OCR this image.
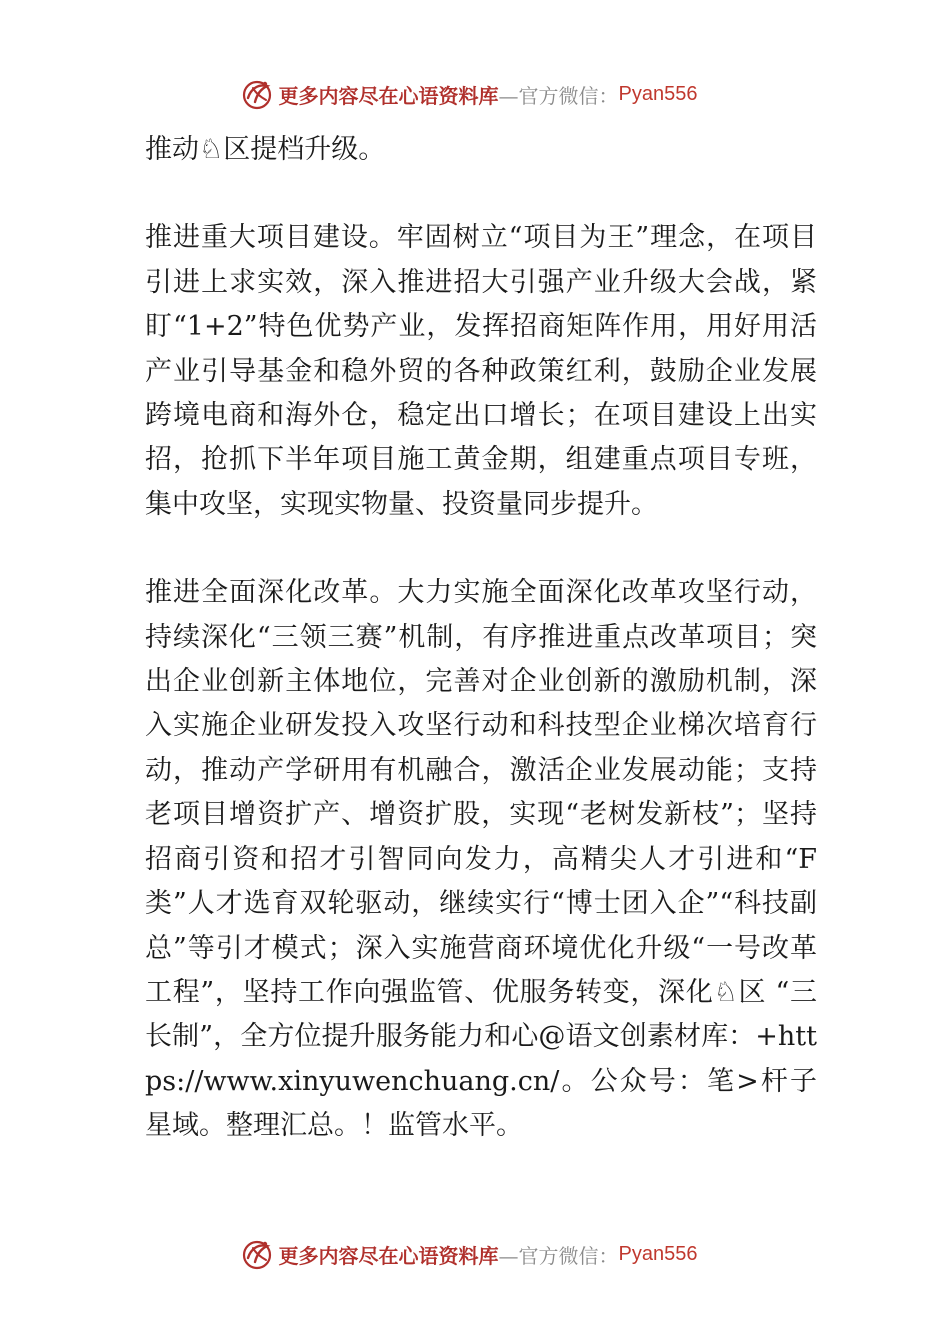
更多内容尽在心语资料库 —官方微信： Pyan556

推动♘区提档升级。

推进重大项目建设。牢固树立“项目为王”理念，在项目引进上求实效，深入推进招大引强产业升级大会战，紧盯“1+2”特色优势产业，发挥招商矩阵作用，用好用活产业引导基金和稳外贸的各种政策红利，鼓励企业发展跨境电商和海外仓，稳定出口增长；在项目建设上出实招，抢抓下半年项目施工黄金期，组建重点项目专班，集中攻坚，实现实物量、投资量同步提升。

推进全面深化改革。大力实施全面深化改革攻坚行动，持续深化“三领三赛”机制，有序推进重点改革项目；突出企业创新主体地位，完善对企业创新的激励机制，深入实施企业研发投入攻坚行动和科技型企业梯次培育行动，推动产学研用有机融合，激活企业发展动能；支持老项目增资扩产、增资扩股，实现“老树发新枝”；坚持招商引资和招才引智同向发力，高精尖人才引进和“F 类”人才选育双轮驱动，继续实行“博士团入企”“科技副总”等引才模式；深入实施营商环境优化升级“一号改革工程”，坚持工作向强监管、优服务转变，深化♘区 “三长制”，全方位提升服务能力和心@语文创素材库：+https://www.xinyuwenchuang.cn/。公众号：笔>杆子星域。整理汇总。！监管水平。

更多内容尽在心语资料库 —官方微信： Pyan556
